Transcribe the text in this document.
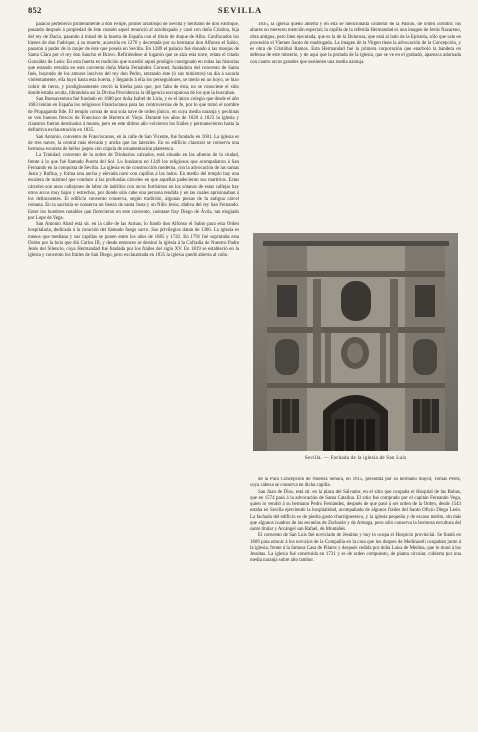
852	SEVILLA

palacio perteneció primeramente á don Felipe, primer arzobispo de Sevilla y hermano de don Fadrique, pasando después á propiedad de éste cuando aquel renunció al arzobispado y casó con doña Cristina, hija del rey de Dacia, pasando á mitad de la huerta de España con el título de duque de Alba. Confiscados los bienes de don Fadrique, á su muerte, acaecida en 1276 y decretada por su hermano don Alfonso el Sabio, pasaron á poder de la mujer de éste que poseía en Sevilla. En 1289 el palacio fué donado á las monjas de Santa Clara por el rey don Sancho el Bravo. Refiriéndose al lugarón que se alza esta torre, relata el citado González de León: En esta huerta es tradición que sucedió aquel prodigio consignado en todas las historias que estando retraída en este convento doña María Fernández Coronel, fundadora del convento de Santa Inés, huyendo de los amores lascivos del rey don Pedro, entrando éste (ó sus ministros) un día á sacarla violentamente, ella huyó hasta esta huerta, y llegando á ella los perseguidores, se metió en un hoyo, se hizo cubrir de tierra, y prodigiosamente creció la hierba para que, por falta de ésta, no se conociese el sitio donde estaba oculta, librándola así la Divina Providencia la diligencia escrupulosa de los que la buscaban.

San Buenaventura fué fundado en 1600 por doña Isabel de Liria, y es el único colegio que desde el año 1683 tenían en España los religiosos Franciscanos para las controversias de fe, por lo que tomó el nombre de Propaganda fide. El templo consta de una sola nave de orden jónico, en cuya media naranja y pechinas se ven buenos frescos de Francisco de Herrera el Viejo. Durante los años de 1820 á 1823 la iglesia y claustros fueron destinados á museo, pero en este último año volvieron los frailes y permanecieron hasta la definitiva exclaustración en 1835.

San Antonio, convento de Franciscanos, en la calle de San Vicente, fué fundado en 1601. La iglesia es de tres naves, la central más elevada y ancha que las laterales. En su edificio claustral se conserva una hermosa escalera de bellos jaspes con cúpula de ornamentación plateresca.

La Trinidad, convento de la orden de Trinitarios calzados, está situado en las afueras de la ciudad, frente á lo que fué llamado Puerta del Sol. Lo fundaron en 1249 los religiosos que acompañaron á San Fernando en la conquista de Sevilla. La iglesia es de construcción moderna, con la advocación de las santas Justa y Rufina, y forma una ancha y elevada nave con capillas á los lados. En medio del templo hay una escalera de mármol que conduce á las profundas cárceles en que aquéllas padecieron sus martirios. Estas cárceles son unos callejones de labor de ladrillos con arcos fortísimos en los sótanos de estas callejas hay otros arcos muy bajos y estrechos, por donde sólo cabe una persona tendida y en las cuales aprisionaban á los delincuentes. El edificio convento conserva, según tradición, algunas piezas de la antigua cárcel romana. En la sacristía se conserva un lienzo de santa Justa y un Niño Jesús, dádiva del rey San Fernando. Entre los hombres notables que florecieron en este convento, cuéntase fray Diego de Ávila, tan elogiado por Lope de Vega.

San Antonio Abad está sit. en la calle de las Armas; lo fundó don Alfonso el Sabio para esta Orden hospitalaria, dedicada á la curación del llamado fuego sacro. Sus privilegios datan de 1366. La iglesia es menos que mediana y sus capillas se ponen entre los años de 1685 y 1742. En 1791 fué suprimida esta Orden por la bula que dió Carlos III, y desde entonces se destinó la iglesia á la Cofradía de Nuestro Padre Jesús del Silencio, cuya Hermandad fué fundada por los frailes del siglo XV. En 1819 se estableció en la iglesia y convento los frailes de San Diego, pero exclaustrada en 1835 la iglesia quedó abierta al culto.

1835, la iglesia quedó abierta y en ella se mencionada colateral de la Pasión, de orden corintio; los altares no merecen mención especial; la capilla de la referida Hermandad es una imagen de Jesús Nazareno, obra antigua, pero bien ejecutada, que es la de la Dolorosa, que está al lado de la Epístola, sólo que sale en procesión el Viernes Santo de madrugada. La imagen de la Virgen tiene la advocación de la Concepción, y es obra de Cristóbal Ramos. Esta Hermandad fué la primera corporación que enarboló la bandera en defensa de este misterio, y de aquí que la portada de la iglesia, que se ve en el grabado, aparezca adornada con cuatro arcos grandes que sostienen una media naranja.

Sevilla. — Fachada de la iglesia de San Luis

de la Pura Concepción de Nuestra Señora, en 1615, presidida por su hermano mayor, Tomás Pérez, cuya cabeza se conserva en dicha capilla.

San Juan de Dios, está sit. en la plaza del Salvador, en el sitio que ocupaba el Hospital de las Bubas, que en 1574 pasó á la advocación de Santa Catalina. El sitio fué comprado por el capitán Fernando Vega, quien lo vendió á su hermano Pedro Fernández, después de que pasó á ser orden de la Orden, desde 1543 estaba en Sevilla ejerciendo la hospitalidad, acompañado de algunos frailes del Santo Oficio Diego León. La fachada del edificio es de piedra gusto churrigueresco, y la iglesia pequeña y de escaso mérito, sin más que algunos cuadros de las escuelas de Zurbarán y de Arteaga, pero sólo conserva la hermosa escultura del santo titular y Arcángel san Rafael, de Montañés.

El convento de San Luis fué noviciado de Jesuitas y hoy lo ocupa el Hospicio provincial. Se fundó en 1609 para educar á los novicios de la Compañía en la casa que los duques de Medinaceli ocupaban junto á la iglesia, frente á la famosa Casa de Pilatos y después cedida por doña Luisa de Medina, que lo donó á los Jesuitas. La iglesia fué construida en 1731 y es de orden compuesto, de planta circular, cubierta por una media naranja sobre alto tambor.
